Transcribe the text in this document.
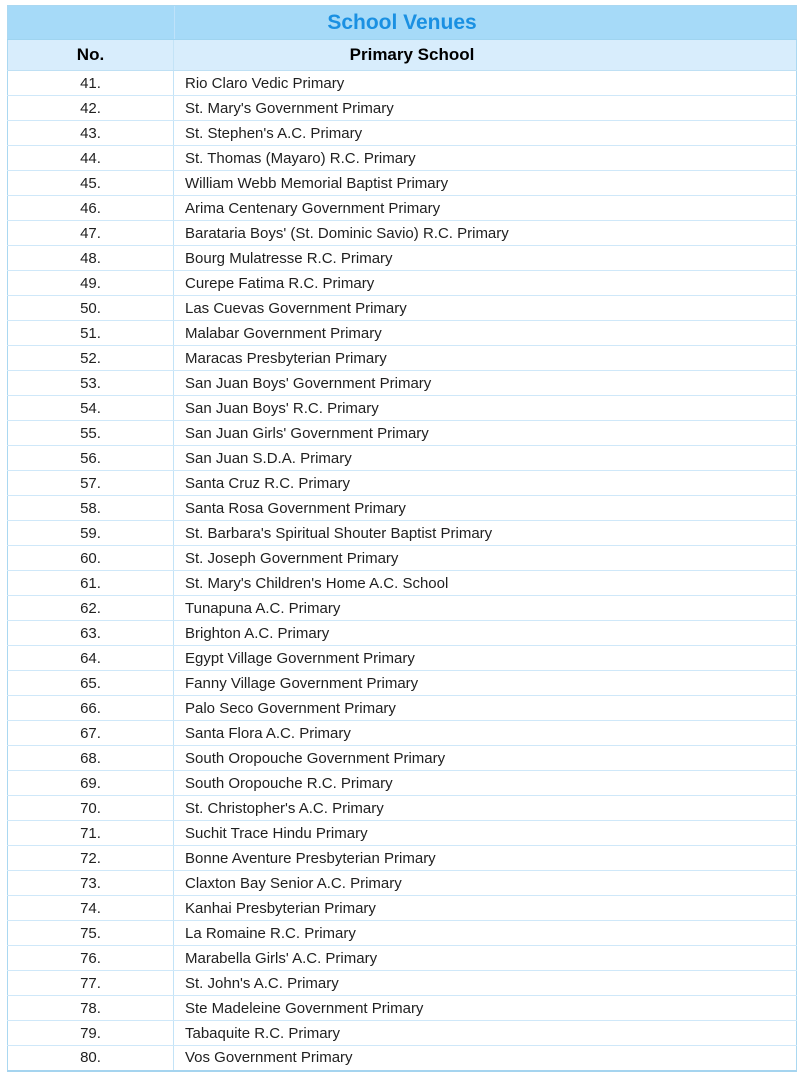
School Venues	
No.	Primary School
41.	Rio Claro Vedic Primary
42.	St. Mary's Government Primary
43.	St. Stephen's A.C. Primary
44.	St. Thomas (Mayaro) R.C. Primary
45.	William Webb Memorial Baptist Primary
46.	Arima Centenary Government Primary
47.	Barataria Boys' (St. Dominic Savio) R.C. Primary
48.	Bourg Mulatresse R.C. Primary
49.	Curepe Fatima R.C. Primary
50.	Las Cuevas Government Primary
51.	Malabar Government Primary
52.	Maracas Presbyterian Primary
53.	San Juan Boys' Government Primary
54.	San Juan Boys' R.C. Primary
55.	San Juan Girls' Government Primary
56.	San Juan S.D.A. Primary
57.	Santa Cruz R.C. Primary
58.	Santa Rosa Government Primary
59.	St. Barbara's Spiritual Shouter Baptist Primary
60.	St. Joseph Government Primary
61.	St. Mary's Children's Home A.C. School
62.	Tunapuna A.C. Primary
63.	Brighton A.C. Primary
64.	Egypt Village Government Primary
65.	Fanny Village Government Primary
66.	Palo Seco Government Primary
67.	Santa Flora A.C. Primary
68.	South Oropouche Government Primary
69.	South Oropouche R.C. Primary
70.	St. Christopher's A.C. Primary
71.	Suchit Trace Hindu Primary
72.	Bonne Aventure Presbyterian Primary
73.	Claxton Bay Senior A.C. Primary
74.	Kanhai Presbyterian Primary
75.	La Romaine R.C. Primary
76.	Marabella Girls' A.C. Primary
77.	St. John's A.C. Primary
78.	Ste Madeleine Government Primary
79.	Tabaquite R.C. Primary
80.	Vos Government Primary
